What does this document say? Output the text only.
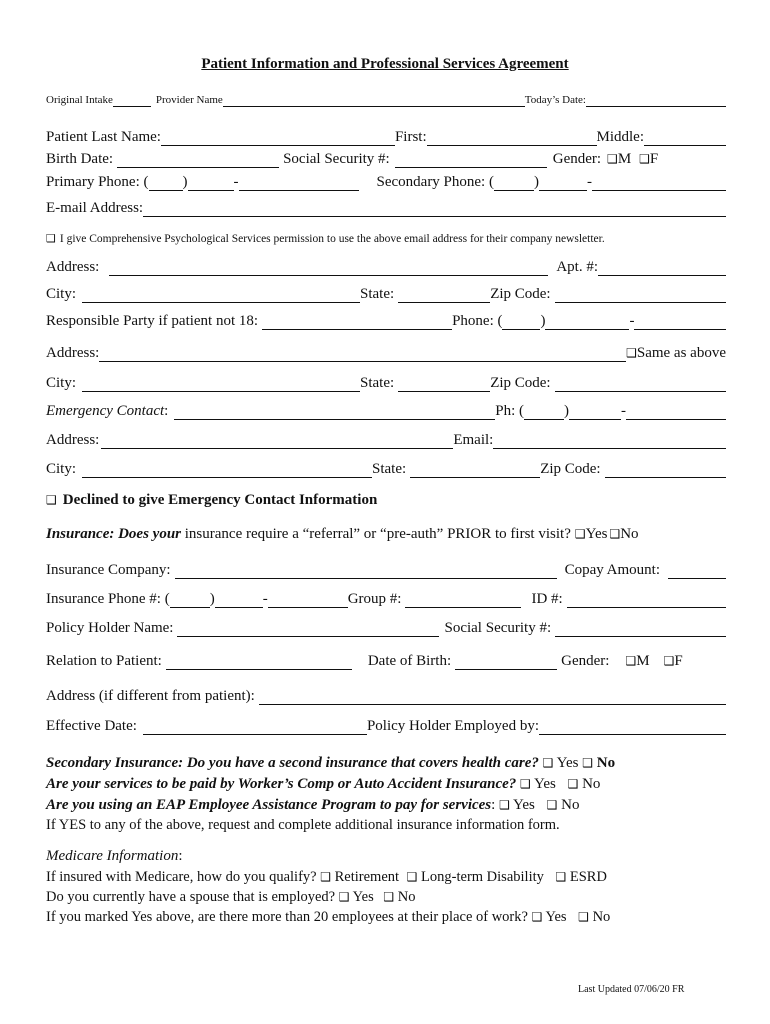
Patient Information and Professional Services Agreement
Original Intake	Provider Name	Today’s Date:
Patient Last Name:	First:	Middle:
Birth Date:	Social Security #:	Gender: ❑ M ❑ F
Primary Phone: ( )	-	Secondary Phone: (	)	-
E-mail Address:
❑ I give Comprehensive Psychological Services permission to use the above email address for their company newsletter.
Address:	Apt. #:
City:	State:	Zip Code:
Responsible Party if patient not 18:	Phone: (	)	-
Address:	❑ Same as above
City:	State:	Zip Code:
Emergency Contact :	Ph: (	)	-
Address:	Email:
City:	State:	Zip Code:
❑ Declined to give Emergency Contact Information
Insurance: Does your insurance require a “referral” or “pre-auth” PRIOR to first visit? ❑ Yes ❑ No
Insurance Company:	Copay Amount:
Insurance Phone #: (	)	-	Group #:	ID #:
Policy Holder Name:	Social Security #:
Relation to Patient:	Date of Birth:	Gender: ❑ M ❑ F
Address (if different from patient):
Effective Date:	Policy Holder Employed by:
Secondary Insurance: Do you have a second insurance that covers health care? ❑ Yes ❑ No
Are your services to be paid by Worker’s Comp or Auto Accident Insurance? ❑ Yes ❑ No
Are you using an EAP Employee Assistance Program to pay for services: ❑ Yes ❑ No
If YES to any of the above, request and complete additional insurance information form.
Medicare Information:
If insured with Medicare, how do you qualify? ❑ Retirement ❑ Long-term Disability ❑ ESRD
Do you currently have a spouse that is employed? ❑ Yes ❑ No
If you marked Yes above, are there more than 20 employees at their place of work? ❑ Yes ❑ No
Last Updated 07/06/20 FR
